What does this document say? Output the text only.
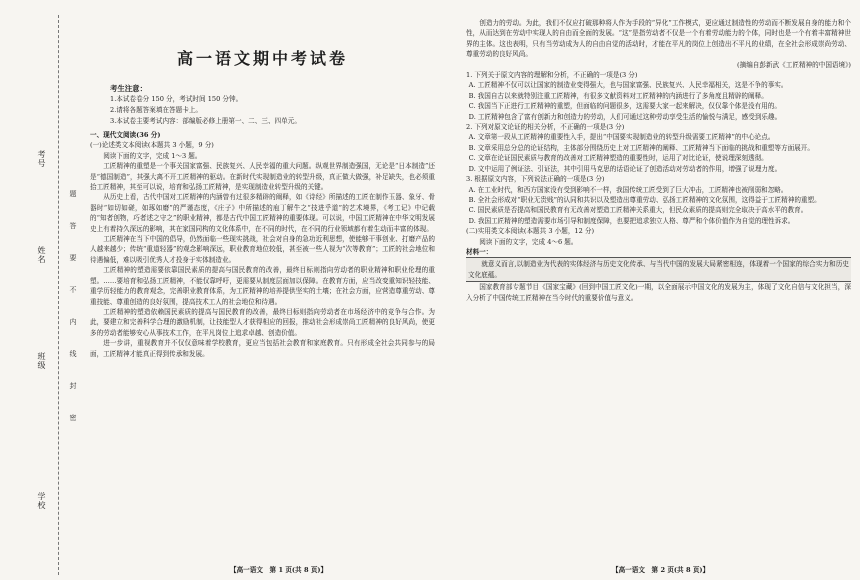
考号
姓名
班级
学校
题
答
要
不
内
线
封
密
高一语文期中考试卷
考生注意：
1.本试卷卷分 150 分，考试时间 150 分钟。
2.请将各题答案填在答题卡上。
3.本试卷主要考试内容：部编版必修上册第一、二、三、四单元。
一、现代文阅读(36 分)
(一)论述类文本阅读(本题共 3 小题，9 分)
阅读下面的文字，完成 1～3 题。
工匠精神的重塑是一个事关国家富强、民族复兴、人民幸福的重大问题。纵观世界制造强国，无论是“日本制造”还是“德国制造”，其强大离不开工匠精神的驱动。在新时代实现制造业的转型升级，真正做大做强，补足缺失，也必须重拾工匠精神，其至可以说，培育和弘扬工匠精神，是实现制造业转型升级的关键。
从历史上看，古代中国对工匠精神的内涵曾有过很多精辟的阐释，如《诗经》所描述的工匠在制作玉器、象牙、骨器时“如切如磋，如琢如磨”的严谨态度，《庄子》中所描述的庖丁解牛之“技进乎道”的艺术境界，《考工记》中记载的“知者创物，巧者述之守之”的职业精神，都是古代中国工匠精神的重要体现。可以说，中国工匠精神在中华文明发展史上有着持久深远的影响，其在家国同构的文化体系中，在不同的时代，在不同的行业领域都有着生动而丰富的体现。
工匠精神在当下中国的倡导，仍然面临一些现实挑战，社会对自身的急功近利思想，使能够干事创业、打磨产品的人越来越少；传统“重道轻器”的观念影响深远，职业教育地位较低，甚至被一些人视为“次等教育”；工匠的社会地位和待遇偏低，难以吸引优秀人才投身于实体制造业。
工匠精神的塑造需要依靠国民素质的提高与国民教育的改善，最终目标则指向劳动者的职业精神和职业伦理的重塑。……要培育和弘扬工匠精神，不能仅靠呼吁，更需要从制度层面加以保障。在教育方面，应当改变重知识轻技能、重学历轻能力的教育观念，完善职业教育体系，为工匠精神的培养提供坚实的土壤；在社会方面，应营造尊重劳动、尊重技能、尊重创造的良好氛围，提高技术工人的社会地位和待遇。
工匠精神的塑造依赖国民素质的提高与国民教育的改善，最终目标则指向劳动者在市场经济中的竞争与合作。为此，要建立和完善科学合理的激励机制，让技能型人才获得相应的回报，推动社会形成崇尚工匠精神的良好风尚，使更多的劳动者能够安心从事技术工作，在平凡岗位上追求卓越、创造价值。
进一步讲，重视教育并不仅仅意味着学校教育，更应当包括社会教育和家庭教育。只有形成全社会共同参与的局面，工匠精神才能真正得到传承和发展。
【高一语文　第 1 页(共 8 页)】
创造力的劳动。为此，我们不仅应打破那种将人作为手段的“异化”工作模式，更应通过制造性的劳动而不断发展自身的能力和个性，从而达到在劳动中实现人的自由而全面的发展。“这”是指劳动者不仅是一个有着劳动能力的个体，同时也是一个有着丰富精神世界的主体。这也表明，只有当劳动成为人的自由自觉的活动时，才能在平凡的岗位上创造出不平凡的业绩，在全社会形成崇尚劳动、尊重劳动的良好风尚。
(摘编自彭新武《工匠精神的中国语境》)
1. 下列关于原文内容的理解和分析，不正确的一项是(3 分)
A. 工匠精神不仅可以让国家的制造业变得强大，也与国家富强、民族复兴、人民幸福相关，这是不争的事实。
B. 我国自古以来就特别注重工匠精神，有很多文献资料对工匠精神的内涵进行了多角度且精辟的阐释。
C. 我国当下正进行工匠精神的重塑，但面临的问题很多，这需要大家一起来解决，仅仅靠个体是没有用的。
D. 工匠精神包含了富有创新力和创造力的劳动，人们可通过这种劳动享受生活的愉悦与满足，感受到乐趣。
2. 下列对原文论证的相关分析，不正确的一项是(3 分)
A. 文章第一段从工匠精神的重要性入手，提出“中国要实现制造业的转型升级需要工匠精神”的中心论点。
B. 文章采用总分总的论证结构，主体部分围绕历史上对工匠精神的阐释、工匠精神当下面临的挑战和重塑等方面展开。
C. 文章在论证国民素质与教育的改善对工匠精神塑造的重要性时，运用了对比论证，使说理深刻透彻。
D. 文中运用了例证法、引证法，其中引用马克思的话语论证了创造活动对劳动者的作用，增强了说理力度。
3. 根据原文内容，下列说法正确的一项是(3 分)
A. 在工业时代，和西方国家没有受到影响不一样，我国传统工匠受到了巨大冲击，工匠精神也被削弱和忽略。
B. 全社会形成对“职业无贵贱”的认同和共识以及塑造出尊重劳动、弘扬工匠精神的文化氛围，这得益于工匠精神的重塑。
C. 国民素质是否提高和国民教育有无改善对塑造工匠精神关系重大，但民众素质的提高则完全取决于高水平的教育。
D. 我国工匠精神的塑造需要市场引导和制度保障，也要把追求独立人格、尊严和个体价值作为自觉的理性诉求。
(二)实用类文本阅读(本题共 3 小题，12 分)
阅读下面的文字，完成 4～6 题。
材料一：
就意义而言,以制造业为代表的实体经济与历史文化传承、与当代中国的发展大局紧密相连，体现着一个国家的综合实力和历史文化底蕴。
国家教育部专题节目《国家宝藏》(回到中国工匠文化)一期，以全面展示中国文化的发展为主，体现了文化自信与文化担当，深入分析了中国传统工匠精神在当今时代的重要价值与意义。
【高一语文　第 2 页(共 8 页)】
